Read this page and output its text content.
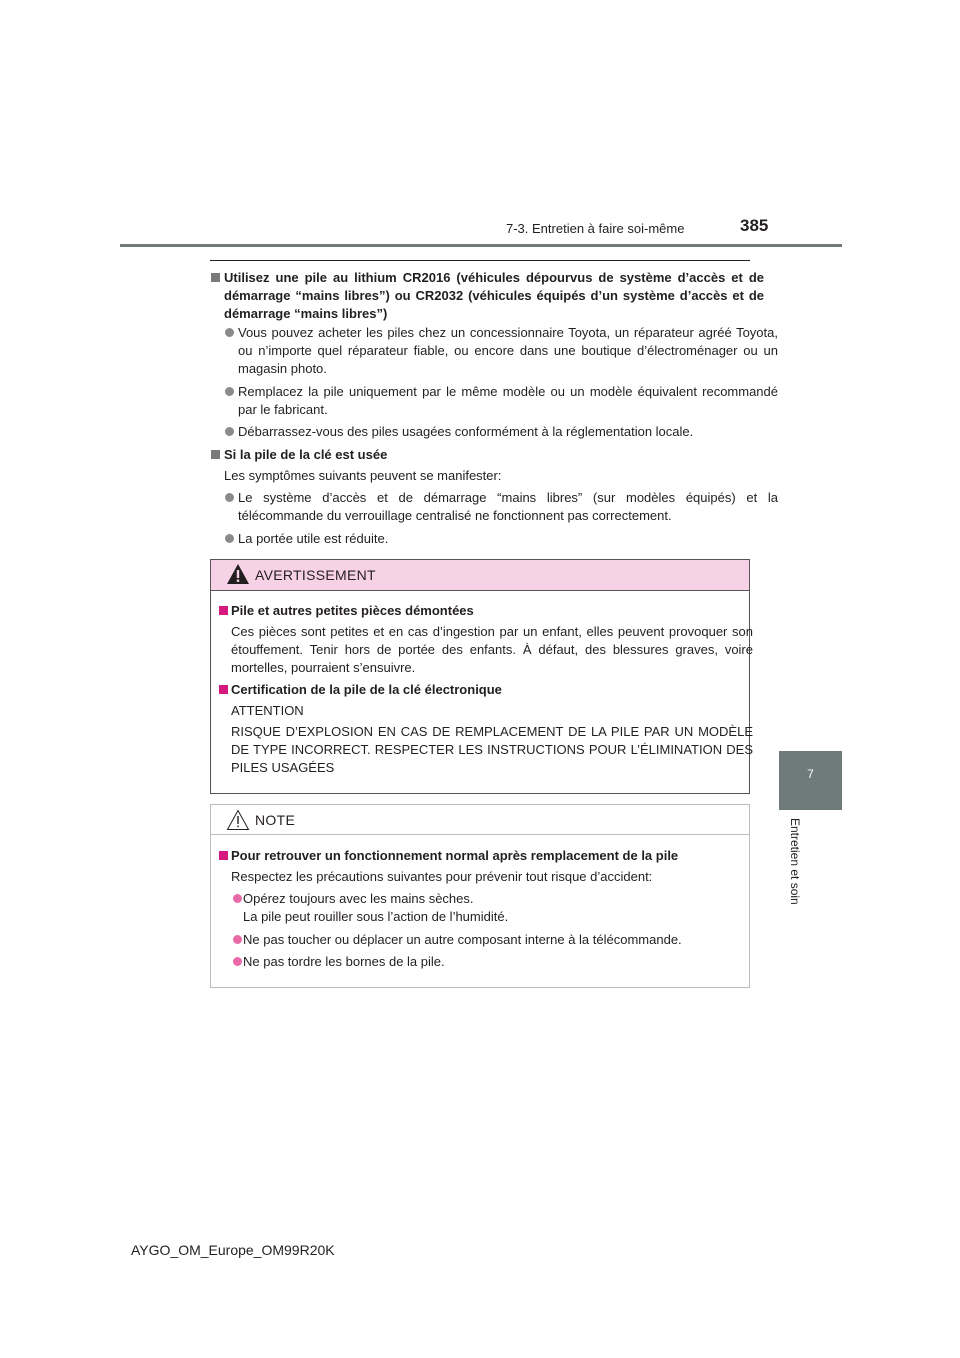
7-3. Entretien à faire soi-même	385
7
Entretien et soin
Utilisez une pile au lithium CR2016 (véhicules dépourvus de système d’accès et de démarrage “mains libres”) ou CR2032 (véhicules équipés d’un système d’accès et de démarrage “mains libres”)
Vous pouvez acheter les piles chez un concessionnaire Toyota, un réparateur agréé Toyota, ou n’importe quel réparateur fiable, ou encore dans une boutique d’électroménager ou un magasin photo.
Remplacez la pile uniquement par le même modèle ou un modèle équivalent recommandé par le fabricant.
Débarrassez-vous des piles usagées conformément à la réglementation locale.
Si la pile de la clé est usée
Les symptômes suivants peuvent se manifester:
Le système d’accès et de démarrage “mains libres” (sur modèles équipés) et la télécommande du verrouillage centralisé ne fonctionnent pas correctement.
La portée utile est réduite.
AVERTISSEMENT
Pile et autres petites pièces démontées
Ces pièces sont petites et en cas d’ingestion par un enfant, elles peuvent provoquer son étouffement. Tenir hors de portée des enfants. À défaut, des blessures graves, voire mortelles, pourraient s’ensuivre.
Certification de la pile de la clé électronique
ATTENTION
RISQUE D’EXPLOSION EN CAS DE REMPLACEMENT DE LA PILE PAR UN MODÈLE DE TYPE INCORRECT. RESPECTER LES INSTRUCTIONS POUR L’ÉLIMINATION DES PILES USAGÉES
NOTE
Pour retrouver un fonctionnement normal après remplacement de la pile
Respectez les précautions suivantes pour prévenir tout risque d’accident:
Opérez toujours avec les mains sèches.
La pile peut rouiller sous l’action de l’humidité.
Ne pas toucher ou déplacer un autre composant interne à la télécommande.
Ne pas tordre les bornes de la pile.
AYGO_OM_Europe_OM99R20K
